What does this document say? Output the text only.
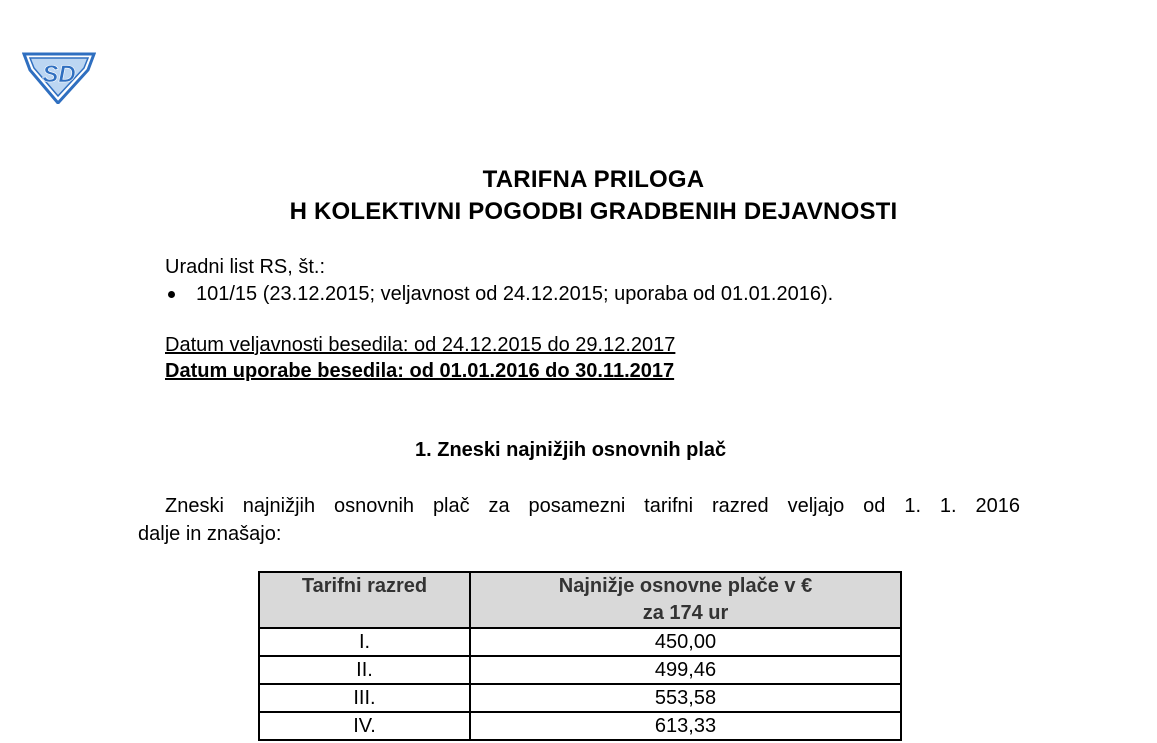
SD
TARIFNA PRILOGA
H KOLEKTIVNI POGODBI GRADBENIH DEJAVNOSTI
Uradni list RS, št.:
101/15 (23.12.2015; veljavnost od 24.12.2015; uporaba od 01.01.2016).
Datum veljavnosti besedila: od 24.12.2015 do 29.12.2017
Datum uporabe besedila: od 01.01.2016 do 30.11.2017
1. Zneski najnižjih osnovnih plač
Zneski najnižjih osnovnih plač za posamezni tarifni razred veljajo od 1. 1. 2016
dalje in znašajo:
Tarifni razred	Najnižje osnovne plače v €
za 174 ur
I.	450,00
II.	499,46
III.	553,58
IV.	613,33
